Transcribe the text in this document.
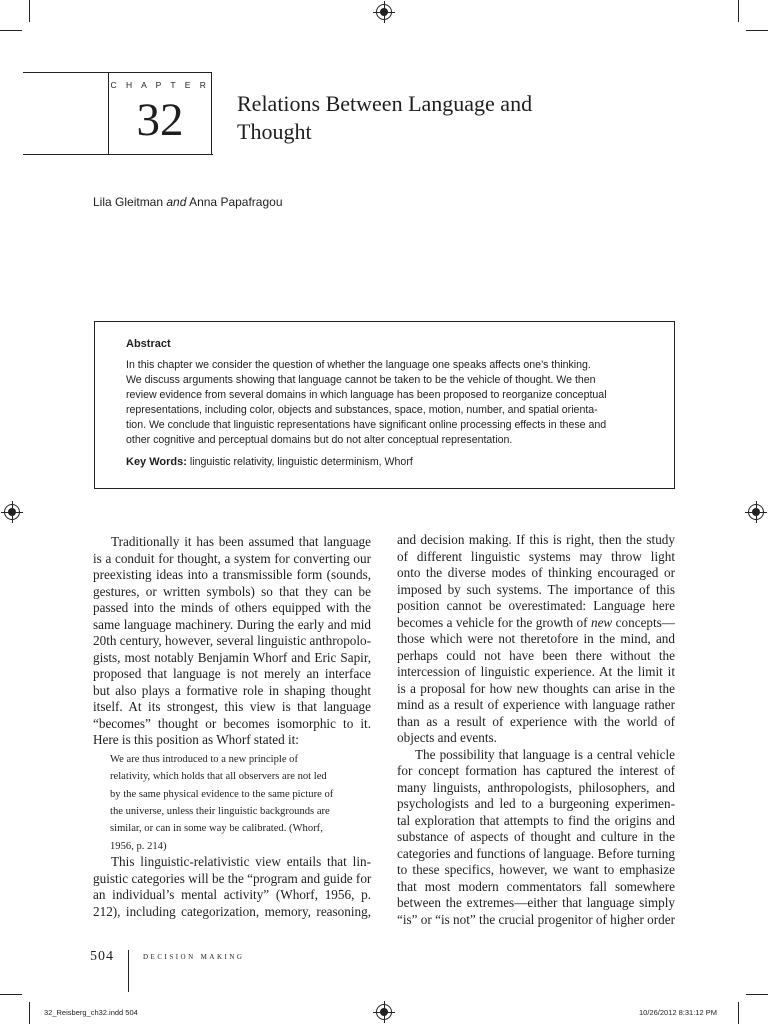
C H A P T E R
32	Relations Between Language and
Thought
Lila Gleitman and Anna Papafragou
Abstract
In this chapter we consider the question of whether the language one speaks affects one’s thinking.
We discuss arguments showing that language cannot be taken to be the vehicle of thought. We then
review evidence from several domains in which language has been proposed to reorganize conceptual
representations, including color, objects and substances, space, motion, number, and spatial orienta-
tion. We conclude that linguistic representations have significant online processing effects in these and
other cognitive and perceptual domains but do not alter conceptual representation.
Key Words: linguistic relativity, linguistic determinism, Whorf
Traditionally it has been assumed that language
is a conduit for thought, a system for converting our
preexisting ideas into a transmissible form (sounds,
gestures, or written symbols) so that they can be
passed into the minds of others equipped with the
same language machinery. During the early and mid
20th century, however, several linguistic anthropolo-
gists, most notably Benjamin Whorf and Eric Sapir,
proposed that language is not merely an interface
but also plays a formative role in shaping thought
itself. At its strongest, this view is that language
“becomes” thought or becomes isomorphic to it.
Here is this position as Whorf stated it:
We are thus introduced to a new principle of
relativity, which holds that all observers are not led
by the same physical evidence to the same picture of
the universe, unless their linguistic backgrounds are
similar, or can in some way be calibrated. (Whorf,
1956, p. 214)
This linguistic-relativistic view entails that lin-
guistic categories will be the “program and guide for
an individual’s mental activity” (Whorf, 1956, p.
212), including categorization, memory, reasoning,
and decision making. If this is right, then the study
of different linguistic systems may throw light
onto the diverse modes of thinking encouraged or
imposed by such systems. The importance of this
position cannot be overestimated: Language here
becomes a vehicle for the growth of new concepts—
those which were not theretofore in the mind, and
perhaps could not have been there without the
intercession of linguistic experience. At the limit it
is a proposal for how new thoughts can arise in the
mind as a result of experience with language rather
than as a result of experience with the world of
objects and events.
The possibility that language is a central vehicle
for concept formation has captured the interest of
many linguists, anthropologists, philosophers, and
psychologists and led to a burgeoning experimen-
tal exploration that attempts to find the origins and
substance of aspects of thought and culture in the
categories and functions of language. Before turning
to these specifics, however, we want to emphasize
that most modern commentators fall somewhere
between the extremes—either that language simply
“is” or “is not” the crucial progenitor of higher order
504	decision making
32_Reisberg_ch32.indd 504	10/26/2012 8:31:12 PM
